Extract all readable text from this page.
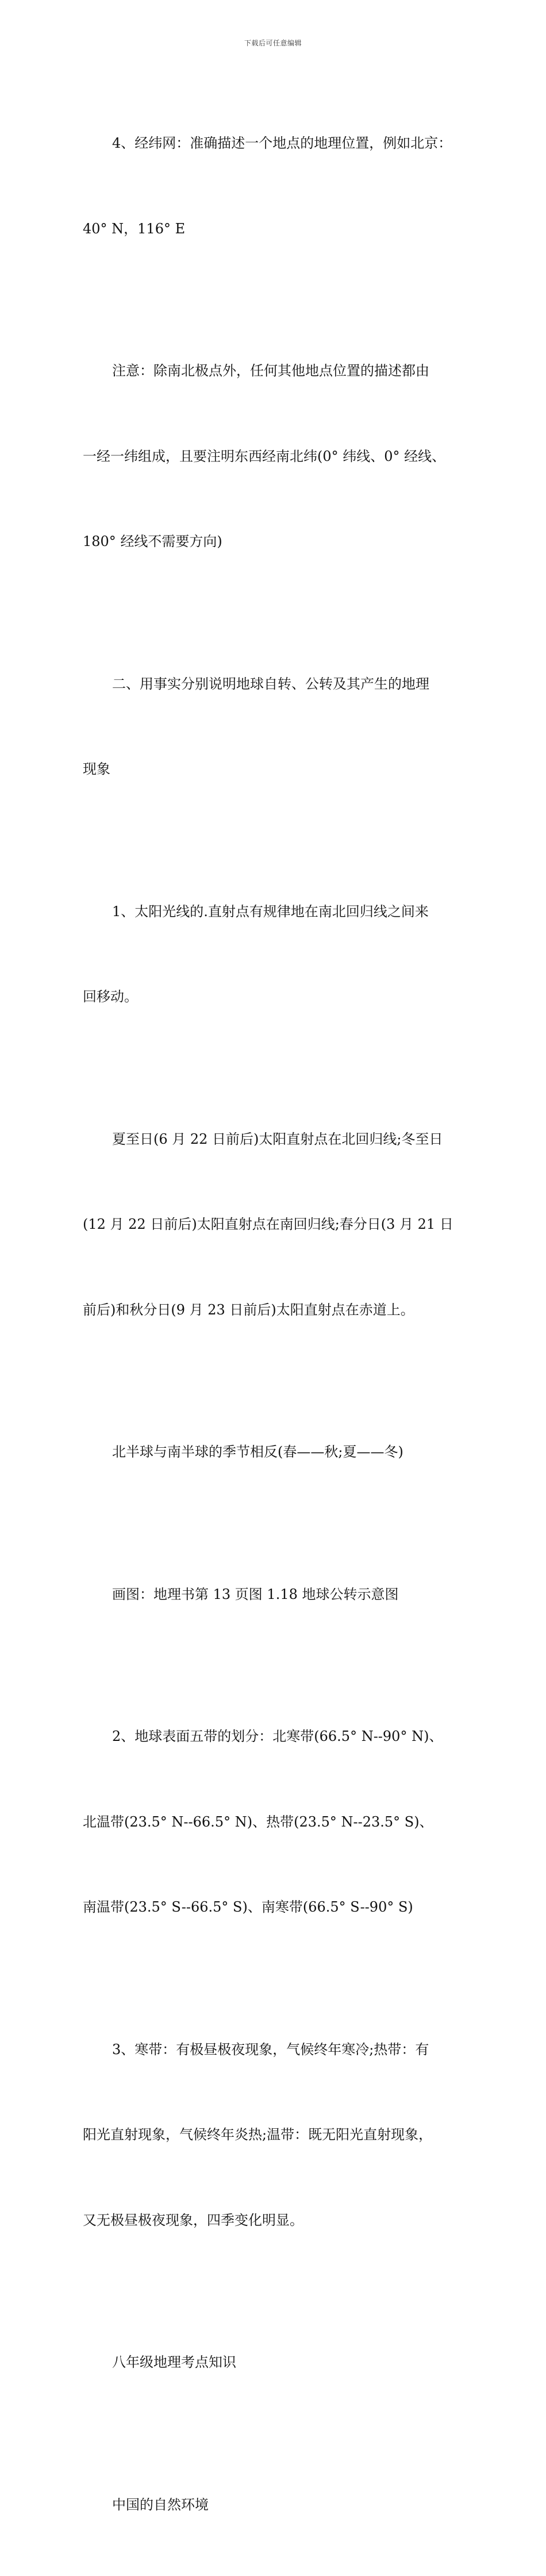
下载后可任意编辑

4、经纬网：准确描述一个地点的地理位置，例如北京：

40° N，116° E

注意：除南北极点外，任何其他地点位置的描述都由

一经一纬组成，且要注明东西经南北纬(0° 纬线、0° 经线、

180° 经线不需要方向)

二、用事实分别说明地球自转、公转及其产生的地理

现象

1、太阳光线的.直射点有规律地在南北回归线之间来

回移动。

夏至日(6 月 22 日前后)太阳直射点在北回归线;冬至日

(12 月 22 日前后)太阳直射点在南回归线;春分日(3 月 21 日

前后)和秋分日(9 月 23 日前后)太阳直射点在赤道上。

北半球与南半球的季节相反(春——秋;夏——冬)

画图：地理书第 13 页图 1.18 地球公转示意图

2、地球表面五带的划分：北寒带(66.5° N--90° N)、

北温带(23.5° N--66.5° N)、热带(23.5° N--23.5° S)、

南温带(23.5° S--66.5° S)、南寒带(66.5° S--90° S)

3、寒带：有极昼极夜现象，气候终年寒冷;热带：有

阳光直射现象，气候终年炎热;温带：既无阳光直射现象，

又无极昼极夜现象，四季变化明显。

八年级地理考点知识

中国的自然环境
